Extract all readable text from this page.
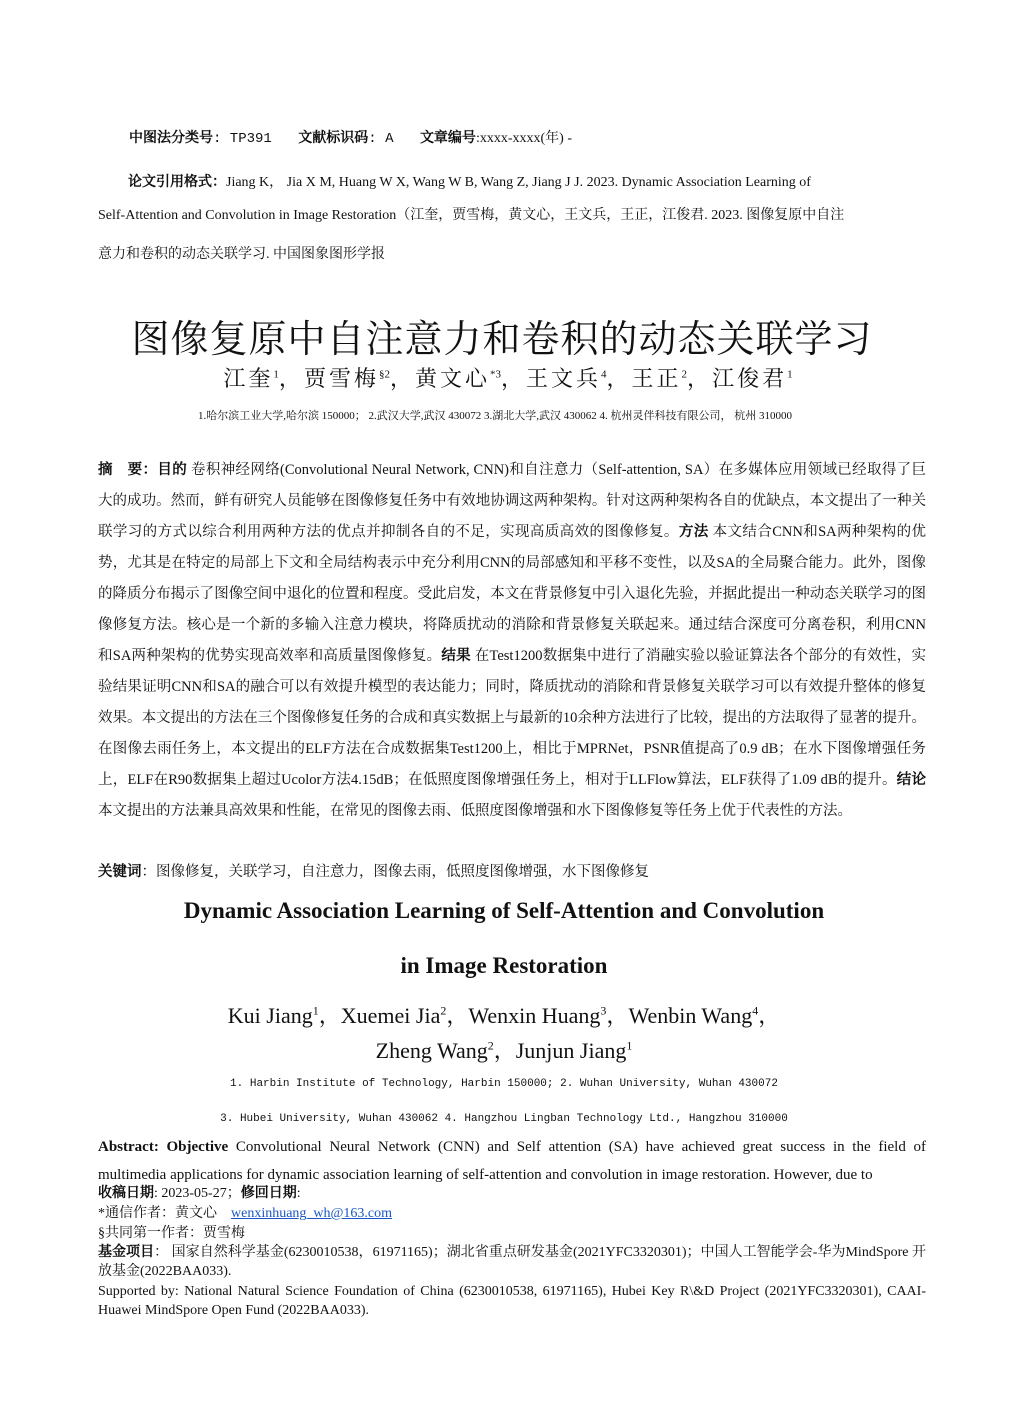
中图法分类号: TP391 文献标识码: A 文章编号:xxxx-xxxx(年) -
论文引用格式：Jiang K， Jia X M, Huang W X, Wang W B, Wang Z, Jiang J J. 2023. Dynamic Association Learning of
Self-Attention and Convolution in Image Restoration（江奎，贾雪梅，黄文心，王文兵，王正，江俊君. 2023. 图像复原中自注
意力和卷积的动态关联学习. 中国图象图形学报
图像复原中自注意力和卷积的动态关联学习
江奎$^1$，贾雪梅$^{\S 2}$，黄文心$^{*3}$，王文兵$^4$，王正$^2$，江俊君$^1$
1.哈尔滨工业大学,哈尔滨 150000； 2.武汉大学,武汉 430072 3.湖北大学,武汉 430062 4. 杭州灵伴科技有限公司， 杭州 310000

摘　要：目的 卷积神经网络(Convolutional Neural Network, CNN)和自注意力（Self-attention, SA）在多媒体应用领域已经取得了巨大的成功。然而，鲜有研究人员能够在图像修复任务中有效地协调这两种架构。针对这两种架构各自的优缺点，本文提出了一种关联学习的方式以综合利用两种方法的优点并抑制各自的不足，实现高质高效的图像修复。方法 本文结合CNN和SA两种架构的优势，尤其是在特定的局部上下文和全局结构表示中充分利用CNN的局部感知和平移不变性，以及SA的全局聚合能力。此外，图像的降质分布揭示了图像空间中退化的位置和程度。受此启发，本文在背景修复中引入退化先验，并据此提出一种动态关联学习的图像修复方法。核心是一个新的多输入注意力模块，将降质扰动的消除和背景修复关联起来。通过结合深度可分离卷积，利用CNN和SA两种架构的优势实现高效率和高质量图像修复。结果 在Test1200数据集中进行了消融实验以验证算法各个部分的有效性，实验结果证明CNN和SA的融合可以有效提升模型的表达能力；同时，降质扰动的消除和背景修复关联学习可以有效提升整体的修复效果。本文提出的方法在三个图像修复任务的合成和真实数据上与最新的10余种方法进行了比较，提出的方法取得了显著的提升。在图像去雨任务上，本文提出的ELF方法在合成数据集Test1200上，相比于MPRNet，PSNR值提高了0.9 dB；在水下图像增强任务上，ELF在R90数据集上超过Ucolor方法4.15dB；在低照度图像增强任务上，相对于LLFlow算法，ELF获得了1.09 dB的提升。结论 本文提出的方法兼具高效果和性能，在常见的图像去雨、低照度图像增强和水下图像修复等任务上优于代表性的方法。

关键词：图像修复，关联学习，自注意力，图像去雨，低照度图像增强，水下图像修复
Dynamic Association Learning of Self-Attention and Convolution
in Image Restoration
Kui Jiang$^1$，Xuemei Jia$^2$，Wenxin Huang$^3$，Wenbin Wang$^4$，
Zheng Wang$^2$，Junjun Jiang$^1$
1. Harbin Institute of Technology, Harbin 150000; 2. Wuhan University, Wuhan 430072
3. Hubei University, Wuhan 430062 4. Hangzhou Lingban Technology Ltd., Hangzhou 310000

Abstract: Objective Convolutional Neural Network (CNN) and Self attention (SA) have achieved great success in the field of multimedia applications for dynamic association learning of self-attention and convolution in image restoration. However, due to

收稿日期: 2023-05-27；修回日期:
*通信作者：黄文心 wenxinhuang_wh@163.com
§共同第一作者：贾雪梅
基金项目： 国家自然科学基金(6230010538，61971165)；湖北省重点研发基金(2021YFC3320301)；中国人工智能学会-华为MindSpore 开放基金(2022BAA033).
Supported by: National Natural Science Foundation of China (6230010538, 61971165), Hubei Key R\&D Project (2021YFC3320301), CAAI-Huawei MindSpore Open Fund (2022BAA033).
